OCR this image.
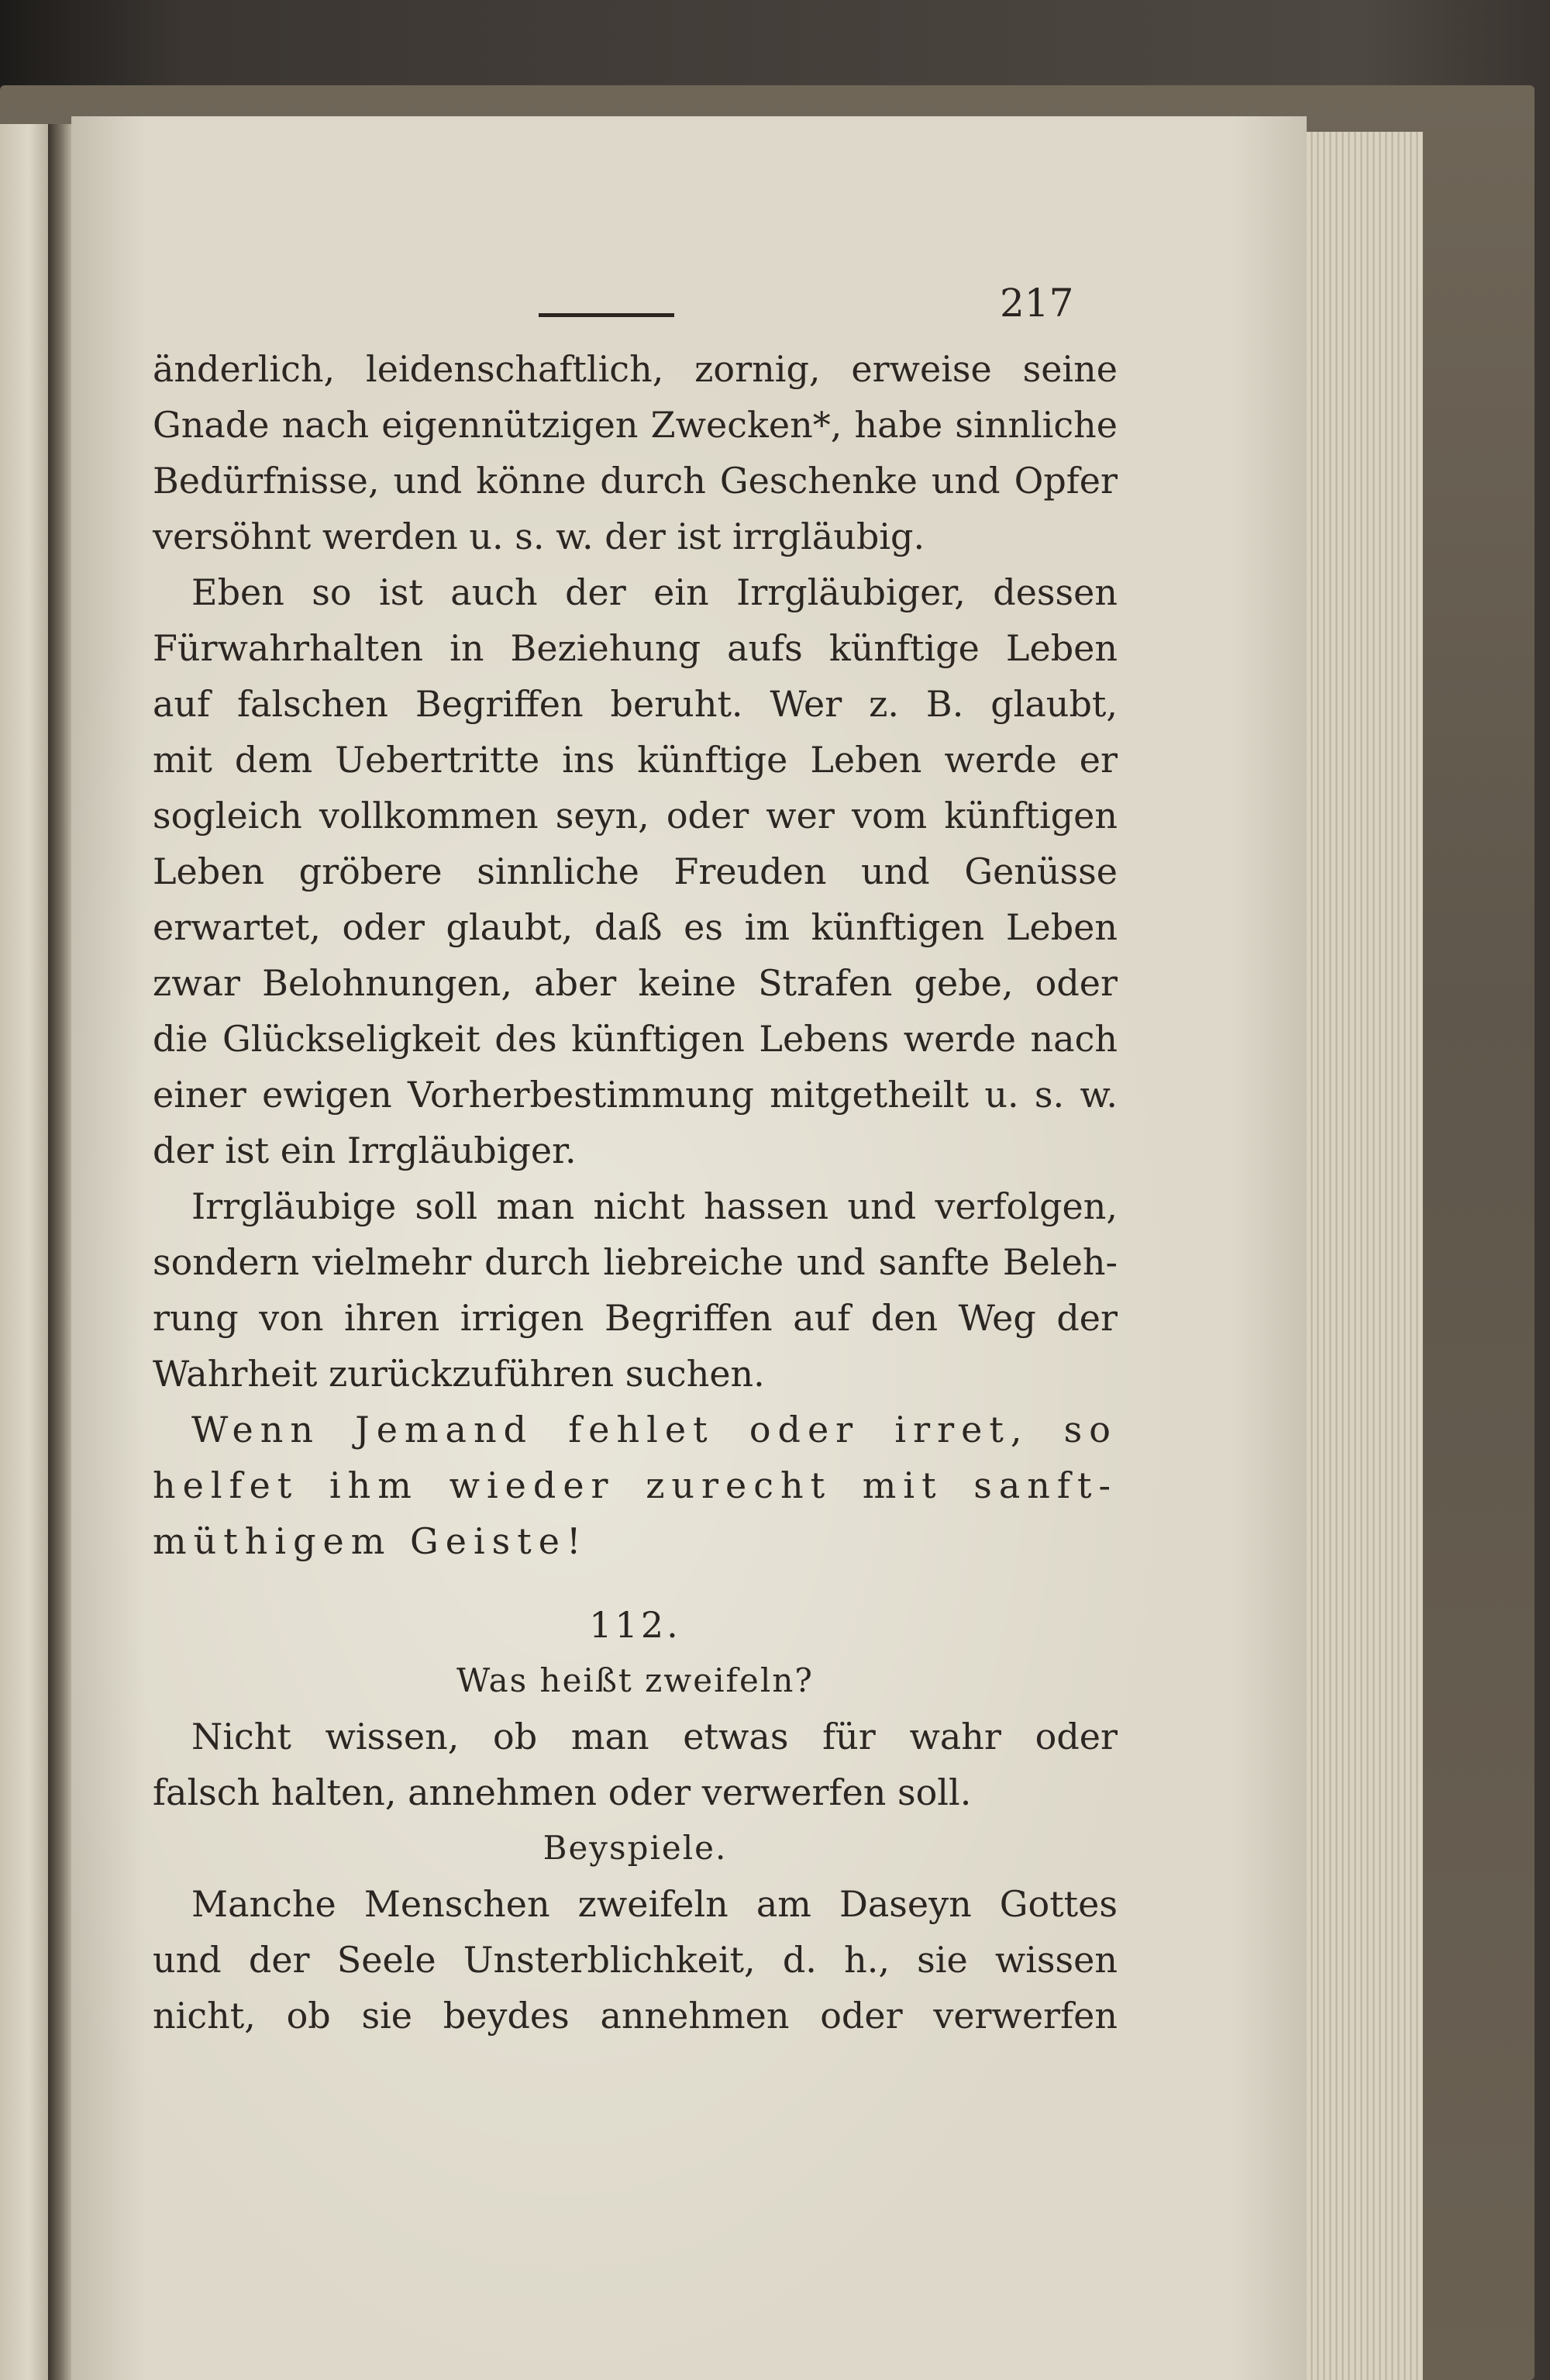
217
änderlich, leidenschaftlich, zornig, erweise seine
Gnade nach eigennützigen Zwecken*, habe sinnliche
Bedürfnisse, und könne durch Geschenke und Opfer
versöhnt werden u. s. w. der ist irrgläubig.
Eben so ist auch der ein Irrgläubiger, dessen
Fürwahrhalten in Beziehung aufs künftige Leben
auf falschen Begriffen beruht. Wer z. B. glaubt,
mit dem Uebertritte ins künftige Leben werde er
sogleich vollkommen seyn, oder wer vom künftigen
Leben gröbere sinnliche Freuden und Genüsse
erwartet, oder glaubt, daß es im künftigen Leben
zwar Belohnungen, aber keine Strafen gebe, oder
die Glückseligkeit des künftigen Lebens werde nach
einer ewigen Vorherbestimmung mitgetheilt u. s. w.
der ist ein Irrgläubiger.
Irrgläubige soll man nicht hassen und verfolgen,
sondern vielmehr durch liebreiche und sanfte Beleh-
rung von ihren irrigen Begriffen auf den Weg der
Wahrheit zurückzuführen suchen.
Wenn Jemand fehlet oder irret, so
helfet ihm wieder zurecht mit sanft-
müthigem Geiste!
112.
Was heißt zweifeln?
Nicht wissen, ob man etwas für wahr oder
falsch halten, annehmen oder verwerfen soll.
Beyspiele.
Manche Menschen zweifeln am Daseyn Gottes
und der Seele Unsterblichkeit, d. h., sie wissen
nicht, ob sie beydes annehmen oder verwerfen
